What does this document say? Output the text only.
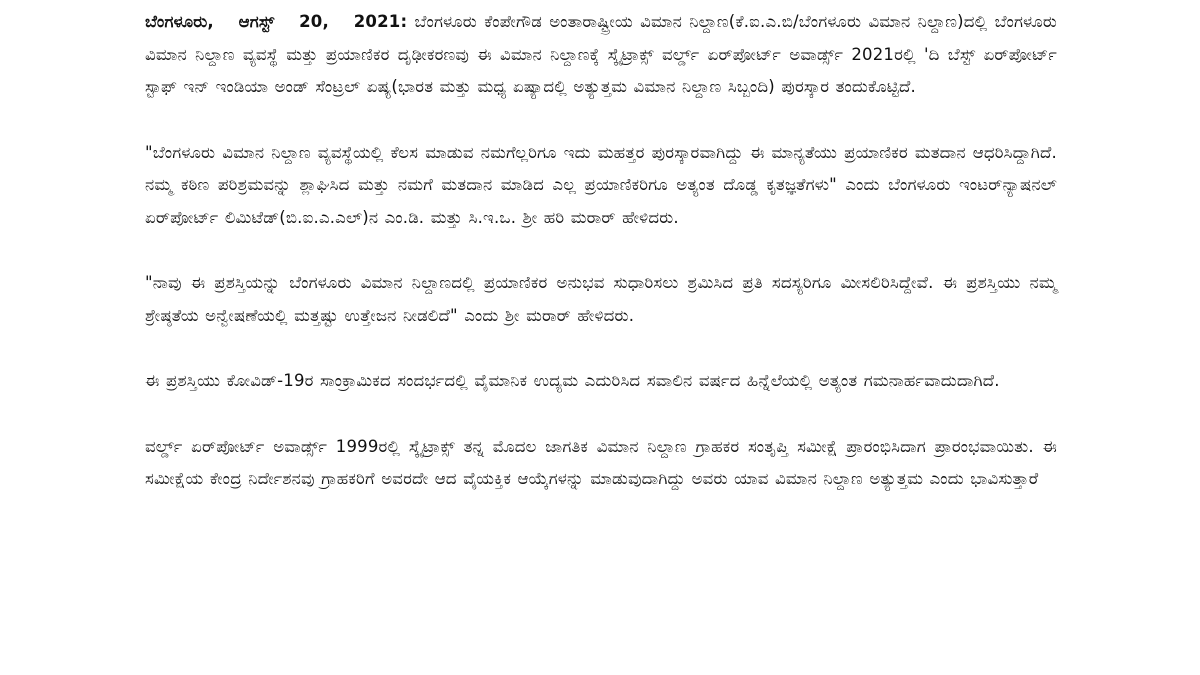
ಬೆಂಗಳೂರು, ಆಗಸ್ಟ್ 20, 2021: ಬೆಂಗಳೂರು ಕೆಂಪೇಗೌಡ ಅಂತಾರಾಷ್ಟ್ರೀಯ ವಿಮಾನ ನಿಲ್ದಾಣ(ಕೆ.ಐ.ಎ.ಬಿ/ಬೆಂಗಳೂರು ವಿಮಾನ ನಿಲ್ದಾಣ)ದಲ್ಲಿ ಬೆಂಗಳೂರು ವಿಮಾನ ನಿಲ್ದಾಣ ವ್ಯವಸ್ಥೆ ಮತ್ತು ಪ್ರಯಾಣಿಕರ ದೃಢೀಕರಣವು ಈ ವಿಮಾನ ನಿಲ್ದಾಣಕ್ಕೆ ಸ್ಕೈಟ್ರಾಕ್ಸ್ ವರ್ಲ್ಡ್ ಏರ್‌ಪೋರ್ಟ್ ಅವಾರ್ಡ್ಸ್ 2021ರಲ್ಲಿ 'ದಿ ಬೆಸ್ಟ್ ಏರ್‌ಪೋರ್ಟ್ ಸ್ಟಾಫ್ ಇನ್ ಇಂಡಿಯಾ ಅಂಡ್ ಸೆಂಟ್ರಲ್ ಏಷ್ಯ(ಭಾರತ ಮತ್ತು ಮಧ್ಯ ಏಷ್ಯಾದಲ್ಲಿ ಅತ್ಯುತ್ತಮ ವಿಮಾನ ನಿಲ್ದಾಣ ಸಿಬ್ಬಂದಿ) ಪುರಸ್ಕಾರ ತಂದುಕೊಟ್ಟಿದೆ.

"ಬೆಂಗಳೂರು ವಿಮಾನ ನಿಲ್ದಾಣ ವ್ಯವಸ್ಥೆಯಲ್ಲಿ ಕೆಲಸ ಮಾಡುವ ನಮಗೆಲ್ಲರಿಗೂ ಇದು ಮಹತ್ತರ ಪುರಸ್ಕಾರವಾಗಿದ್ದು ಈ ಮಾನ್ಯತೆಯು ಪ್ರಯಾಣಿಕರ ಮತದಾನ ಆಧರಿಸಿದ್ದಾಗಿದೆ. ನಮ್ಮ ಕಠಿಣ ಪರಿಶ್ರಮವನ್ನು ಶ್ಲಾಘಿಸಿದ ಮತ್ತು ನಮಗೆ ಮತದಾನ ಮಾಡಿದ ಎಲ್ಲ ಪ್ರಯಾಣಿಕರಿಗೂ ಅತ್ಯಂತ ದೊಡ್ಡ ಕೃತಜ್ಞತೆಗಳು" ಎಂದು ಬೆಂಗಳೂರು ಇಂಟರ್‌ನ್ಯಾಷನಲ್ ಏರ್‌ಪೋರ್ಟ್ ಲಿಮಿಟೆಡ್(ಬಿ.ಐ.ಎ.ಎಲ್)ನ ಎಂ.ಡಿ. ಮತ್ತು ಸಿ.ಇ.ಒ. ಶ್ರೀ ಹರಿ ಮರಾರ್ ಹೇಳಿದರು.

"ನಾವು ಈ ಪ್ರಶಸ್ತಿಯನ್ನು ಬೆಂಗಳೂರು ವಿಮಾನ ನಿಲ್ದಾಣದಲ್ಲಿ ಪ್ರಯಾಣಿಕರ ಅನುಭವ ಸುಧಾರಿಸಲು ಶ್ರಮಿಸಿದ ಪ್ರತಿ ಸದಸ್ಯರಿಗೂ ಮೀಸಲಿರಿಸಿದ್ದೇವೆ. ಈ ಪ್ರಶಸ್ತಿಯು ನಮ್ಮ ಶ್ರೇಷ್ಠತೆಯ ಅನ್ವೇಷಣೆಯಲ್ಲಿ ಮತ್ತಷ್ಟು ಉತ್ತೇಜನ ನೀಡಲಿದೆ" ಎಂದು ಶ್ರೀ ಮರಾರ್ ಹೇಳಿದರು.

ಈ ಪ್ರಶಸ್ತಿಯು ಕೋವಿಡ್-19ರ ಸಾಂಕ್ರಾಮಿಕದ ಸಂದರ್ಭದಲ್ಲಿ ವೈಮಾನಿಕ ಉದ್ಯಮ ಎದುರಿಸಿದ ಸವಾಲಿನ ವರ್ಷದ ಹಿನ್ನೆಲೆಯಲ್ಲಿ ಅತ್ಯಂತ ಗಮನಾರ್ಹವಾದುದಾಗಿದೆ.

ವರ್ಲ್ಡ್ ಏರ್‌ಪೋರ್ಟ್ ಅವಾರ್ಡ್ಸ್ 1999ರಲ್ಲಿ ಸ್ಕೈಟ್ರಾಕ್ಸ್ ತನ್ನ ಮೊದಲ ಜಾಗತಿಕ ವಿಮಾನ ನಿಲ್ದಾಣ ಗ್ರಾಹಕರ ಸಂತೃಪ್ತಿ ಸಮೀಕ್ಷೆ ಪ್ರಾರಂಭಿಸಿದಾಗ ಪ್ರಾರಂಭವಾಯಿತು. ಈ ಸಮೀಕ್ಷೆಯ ಕೇಂದ್ರ ನಿರ್ದೇಶನವು ಗ್ರಾಹಕರಿಗೆ ಅವರದೇ ಆದ ವೈಯಕ್ತಿಕ ಆಯ್ಕೆಗಳನ್ನು ಮಾಡುವುದಾಗಿದ್ದು ಅವರು ಯಾವ ವಿಮಾನ ನಿಲ್ದಾಣ ಅತ್ಯುತ್ತಮ ಎಂದು ಭಾವಿಸುತ್ತಾರೆ
